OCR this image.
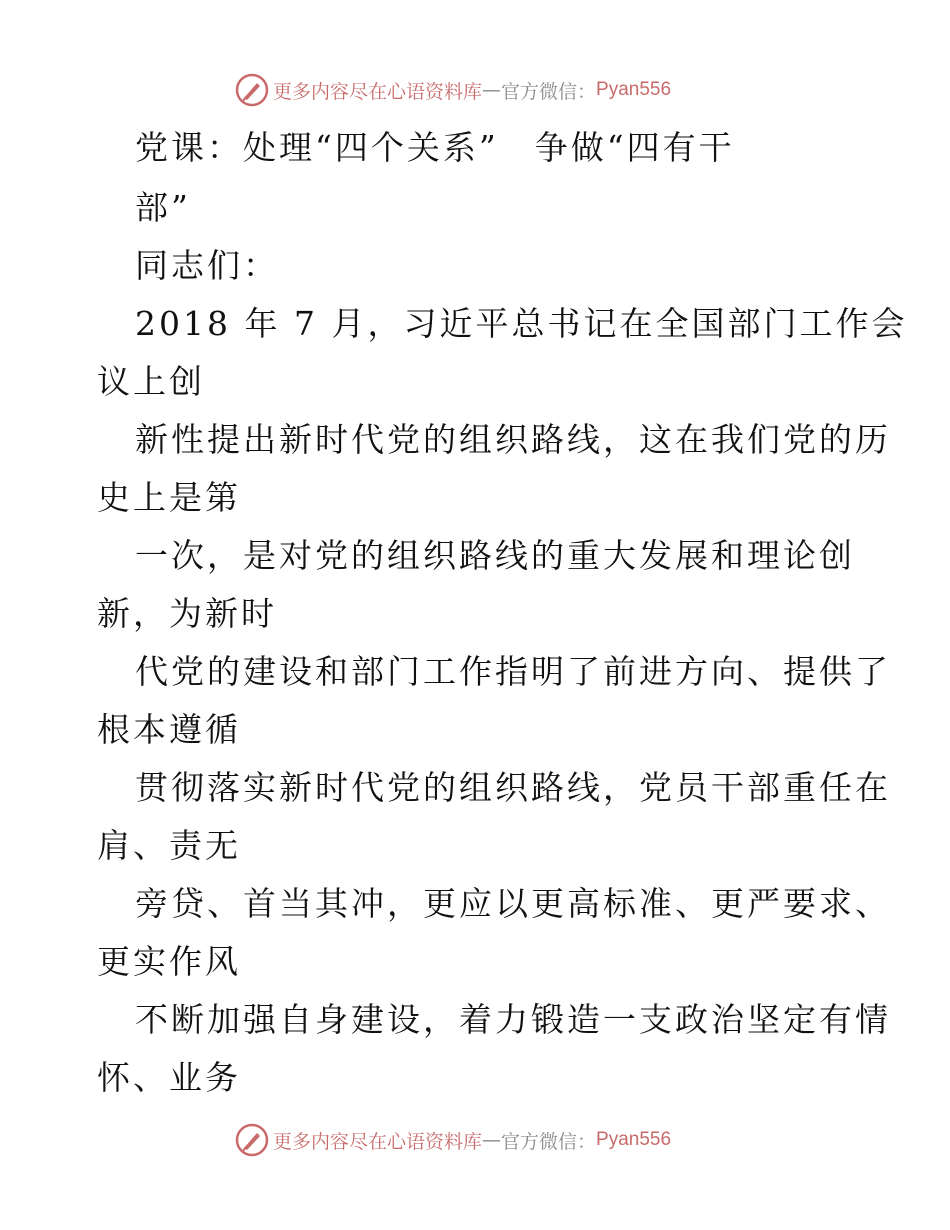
更多内容尽在心语资料库 — 官方微信： Pyan556
党课：处理“四个关系”　争做“四有干
部”
同志们：
2018 年 7 月，习近平总书记在全国部门工作会
议上创
新性提出新时代党的组织路线，这在我们党的历
史上是第
一次，是对党的组织路线的重大发展和理论创
新，为新时
代党的建设和部门工作指明了前进方向、提供了
根本遵循
贯彻落实新时代党的组织路线，党员干部重任在
肩、责无
旁贷、首当其冲，更应以更高标准、更严要求、
更实作风
不断加强自身建设，着力锻造一支政治坚定有情
怀、业务
更多内容尽在心语资料库 — 官方微信： Pyan556
